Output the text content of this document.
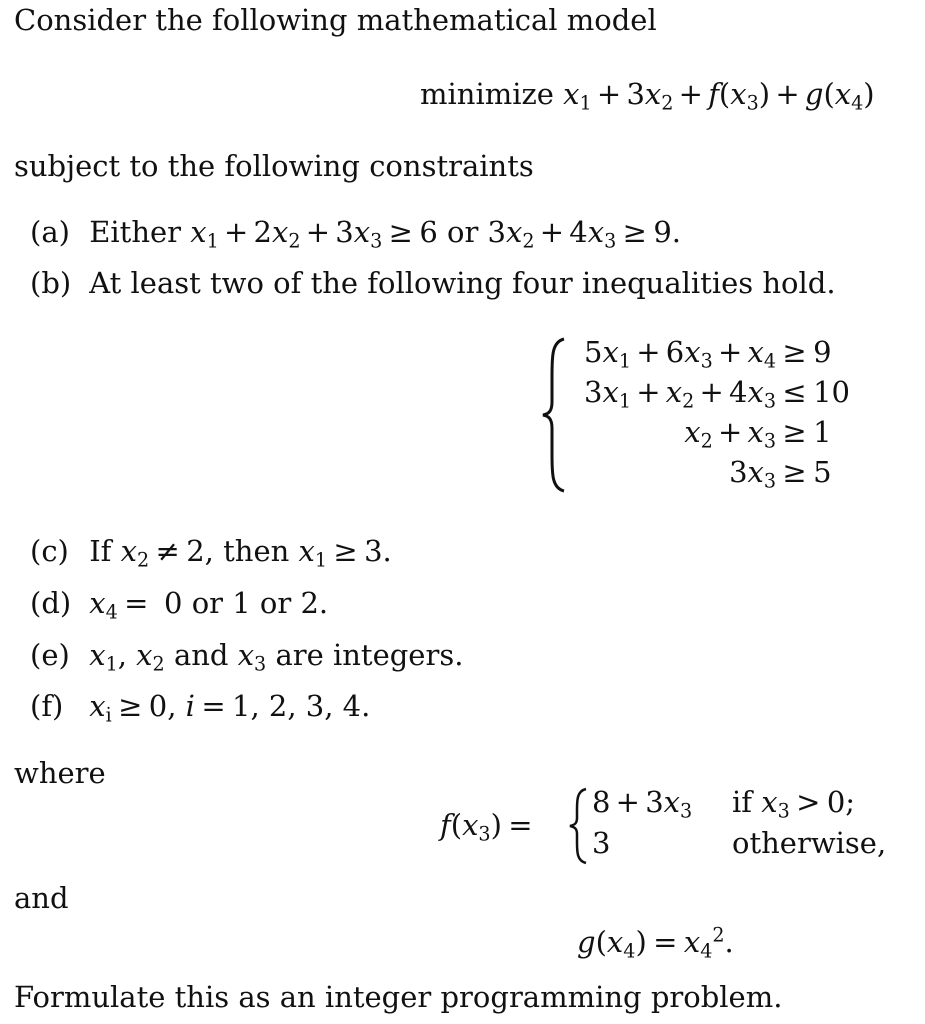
Consider the following mathematical model
minimize $x_1 + 3x_2 + f(x_3) + g(x_4)$
subject to the following constraints
(a) Either $x_1 + 2x_2 + 3x_3 \ge 6$ or $3x_2 + 4x_3 \ge 9$.
(b) At least two of the following four inequalities hold.
$5x_1 + 6x_3 + x_4 \ge 9$
$3x_1 + x_2 + 4x_3 \le 10$
$x_2 + x_3 \ge 1$
$3x_3 \ge 5$
(c) If $x_2 \ne 2$, then $x_1 \ge 3$.
(d) $x_4 = 0$ or 1 or 2.
(e) $x_1$, $x_2$ and $x_3$ are integers.
(f) $x_i \ge 0$, i = 1, 2, 3, 4.
where
$f(x_3)$ =
$8 + 3x_3$ if $x_3 > 0$;
3	otherwise,
and
$g(x_4) = x_4^2$.
Formulate this as an integer programming problem.
